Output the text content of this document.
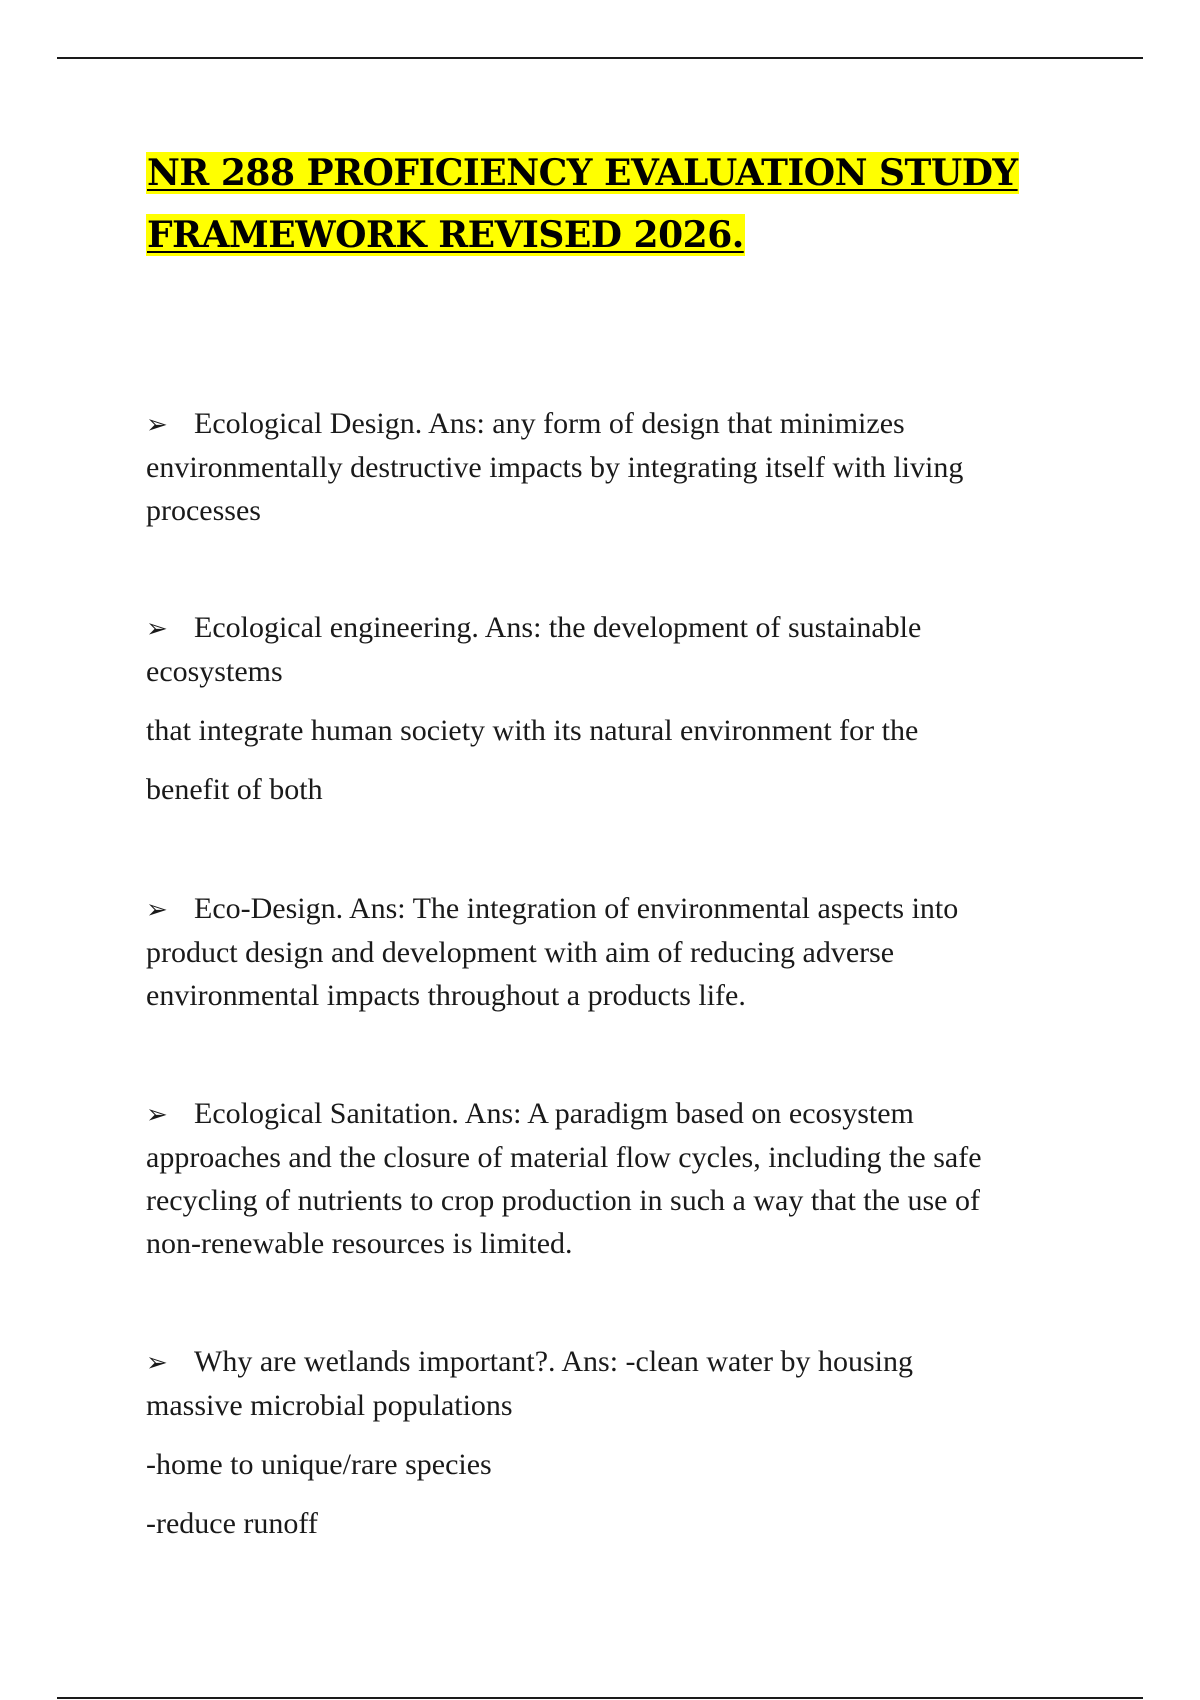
NR 288 PROFICIENCY EVALUATION STUDY
FRAMEWORK REVISED 2026.
➢ Ecological Design. Ans: any form of design that minimizes
environmentally destructive impacts by integrating itself with living
processes
➢ Ecological engineering. Ans: the development of sustainable
ecosystems
that integrate human society with its natural environment for the
benefit of both
➢ Eco-Design. Ans: The integration of environmental aspects into
product design and development with aim of reducing adverse
environmental impacts throughout a products life.
➢ Ecological Sanitation. Ans: A paradigm based on ecosystem
approaches and the closure of material flow cycles, including the safe
recycling of nutrients to crop production in such a way that the use of
non-renewable resources is limited.
➢ Why are wetlands important?. Ans: -clean water by housing
massive microbial populations
-home to unique/rare species
-reduce runoff
